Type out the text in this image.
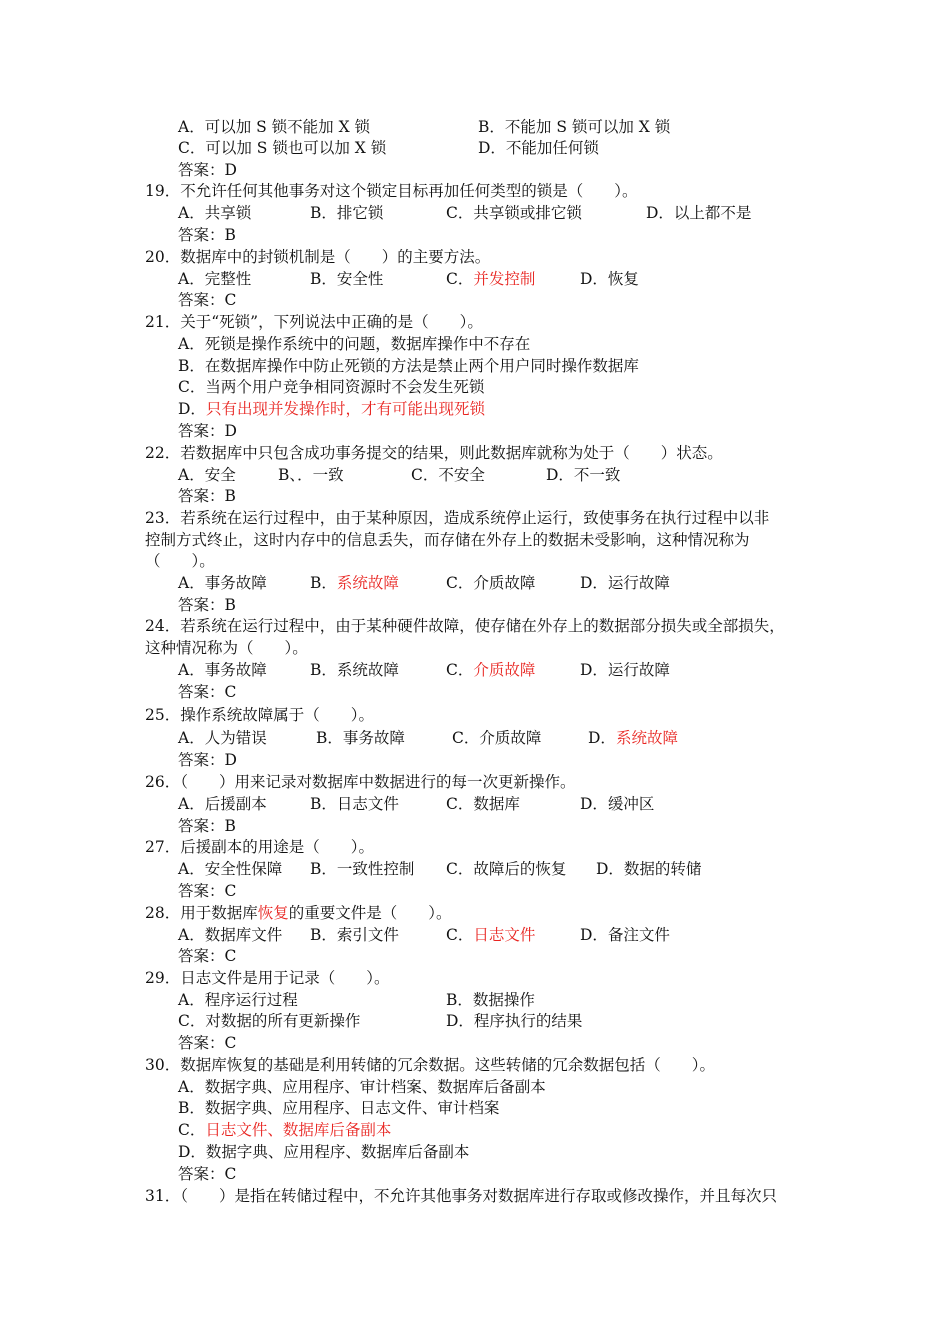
A．可以加 S 锁不能加 X 锁	B．不能加 S 锁可以加 X 锁
C．可以加 S 锁也可以加 X 锁	D．不能加任何锁
答案：D
19．不允许任何其他事务对这个锁定目标再加任何类型的锁是（　　）。
A．共享锁	B．排它锁	C．共享锁或排它锁	D．以上都不是
答案：B
20．数据库中的封锁机制是（　　）的主要方法。
A．完整性	B．安全性	C．并发控制	D．恢复
答案：C
21．关于“死锁”，下列说法中正确的是（　　）。
A．死锁是操作系统中的问题，数据库操作中不存在
B．在数据库操作中防止死锁的方法是禁止两个用户同时操作数据库
C．当两个用户竞争相同资源时不会发生死锁
D．只有出现并发操作时，才有可能出现死锁
答案：D
22．若数据库中只包含成功事务提交的结果，则此数据库就称为处于（　　）状态。
A．安全	B、．一致	C．不安全	D．不一致
答案：B
23．若系统在运行过程中，由于某种原因，造成系统停止运行，致使事务在执行过程中以非
控制方式终止，这时内存中的信息丢失，而存储在外存上的数据未受影响，这种情况称为
（　　）。
A．事务故障	B．系统故障	C．介质故障	D．运行故障
答案：B
24．若系统在运行过程中，由于某种硬件故障，使存储在外存上的数据部分损失或全部损失，
这种情况称为（　　）。
A．事务故障	B．系统故障	C．介质故障	D．运行故障
答案：C
25．操作系统故障属于（　　）。
A．人为错误	B．事务故障	C．介质故障	D．系统故障
答案：D
26．（　　）用来记录对数据库中数据进行的每一次更新操作。
A．后援副本	B．日志文件	C．数据库	D．缓冲区
答案：B
27．后援副本的用途是（　　）。
A．安全性保障 B．一致性控制 C．故障后的恢复 D．数据的转储
答案：C
28．用于数据库恢复的重要文件是（　　）。
A．数据库文件 B．索引文件	C．日志文件	D．备注文件
答案：C
29．日志文件是用于记录（　　）。
A．程序运行过程	B．数据操作
C．对数据的所有更新操作	D．程序执行的结果
答案：C
30．数据库恢复的基础是利用转储的冗余数据。这些转储的冗余数据包括（　　）。
A．数据字典、应用程序、审计档案、数据库后备副本
B．数据字典、应用程序、日志文件、审计档案
C．日志文件、数据库后备副本
D．数据字典、应用程序、数据库后备副本
答案：C
31．（　　）是指在转储过程中，不允许其他事务对数据库进行存取或修改操作，并且每次只
